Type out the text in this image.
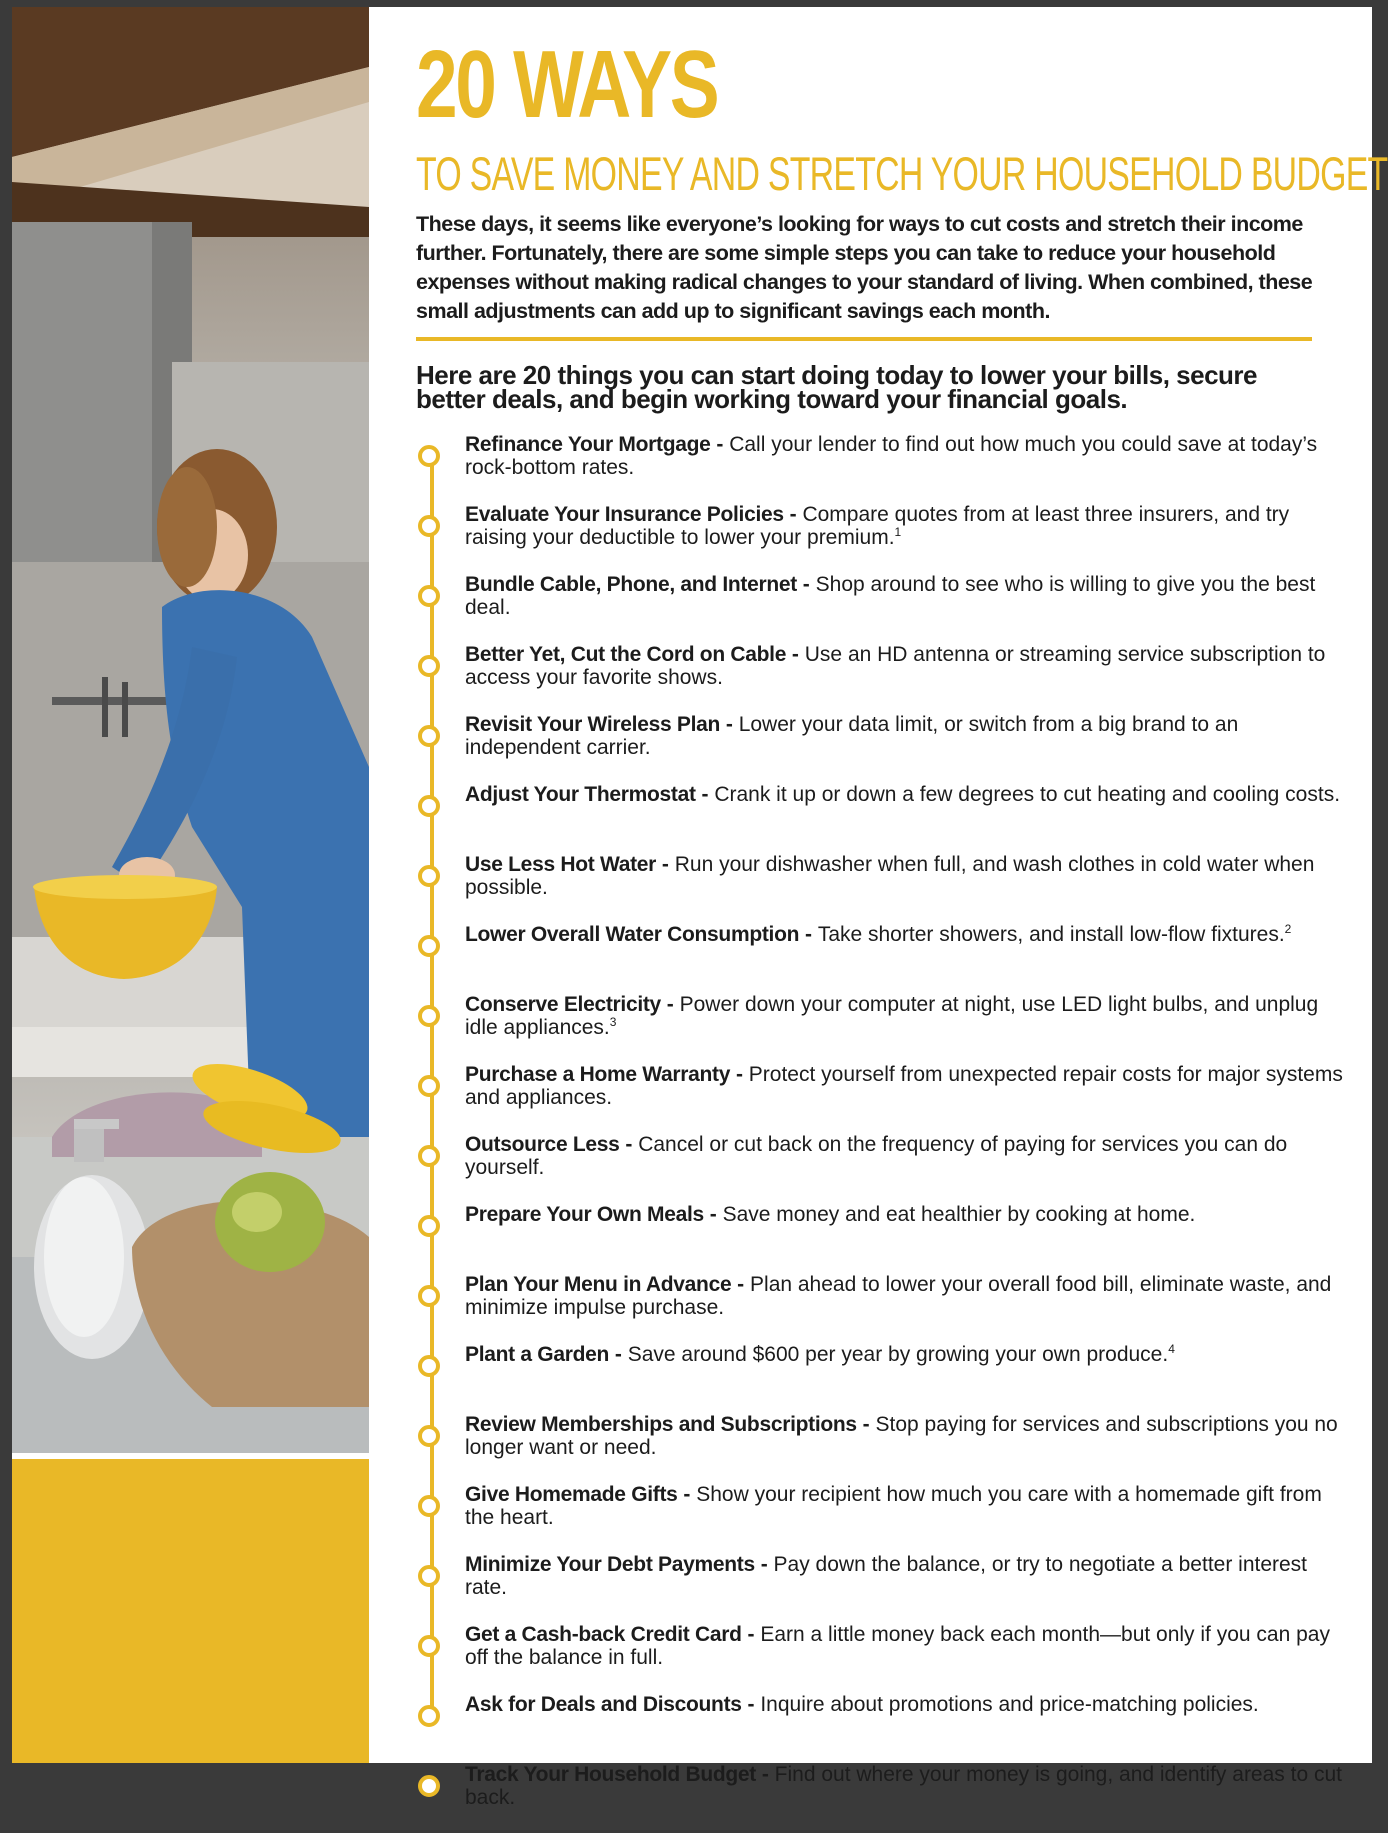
20 WAYS
TO SAVE MONEY AND STRETCH YOUR HOUSEHOLD BUDGET
These days, it seems like everyone’s looking for ways to cut costs and stretch their income further. Fortunately, there are some simple steps you can take to reduce your household expenses without making radical changes to your standard of living. When combined, these small adjustments can add up to significant savings each month.
Here are 20 things you can start doing today to lower your bills, secure better deals, and begin working toward your financial goals.
Refinance Your Mortgage - Call your lender to find out how much you could save at today’s rock-bottom rates.
Evaluate Your Insurance Policies - Compare quotes from at least three insurers, and try raising your deductible to lower your premium.$^1$
Bundle Cable, Phone, and Internet - Shop around to see who is willing to give you the best deal.
Better Yet, Cut the Cord on Cable - Use an HD antenna or streaming service subscription to access your favorite shows.
Revisit Your Wireless Plan - Lower your data limit, or switch from a big brand to an independent carrier.
Adjust Your Thermostat - Crank it up or down a few degrees to cut heating and cooling costs.
Use Less Hot Water - Run your dishwasher when full, and wash clothes in cold water when possible.
Lower Overall Water Consumption - Take shorter showers, and install low-flow fixtures.$^2$
Conserve Electricity - Power down your computer at night, use LED light bulbs, and unplug idle appliances.$^3$
Purchase a Home Warranty - Protect yourself from unexpected repair costs for major systems and appliances.
Outsource Less - Cancel or cut back on the frequency of paying for services you can do yourself.
Prepare Your Own Meals - Save money and eat healthier by cooking at home.
Plan Your Menu in Advance - Plan ahead to lower your overall food bill, eliminate waste, and minimize impulse purchase.
Plant a Garden - Save around $600 per year by growing your own produce.$^4$
Review Memberships and Subscriptions - Stop paying for services and subscriptions you no longer want or need.
Give Homemade Gifts - Show your recipient how much you care with a homemade gift from the heart.
Minimize Your Debt Payments - Pay down the balance, or try to negotiate a better interest rate.
Get a Cash-back Credit Card - Earn a little money back each month—but only if you can pay off the balance in full.
Ask for Deals and Discounts - Inquire about promotions and price-matching policies.
Track Your Household Budget - Find out where your money is going, and identify areas to cut back.
